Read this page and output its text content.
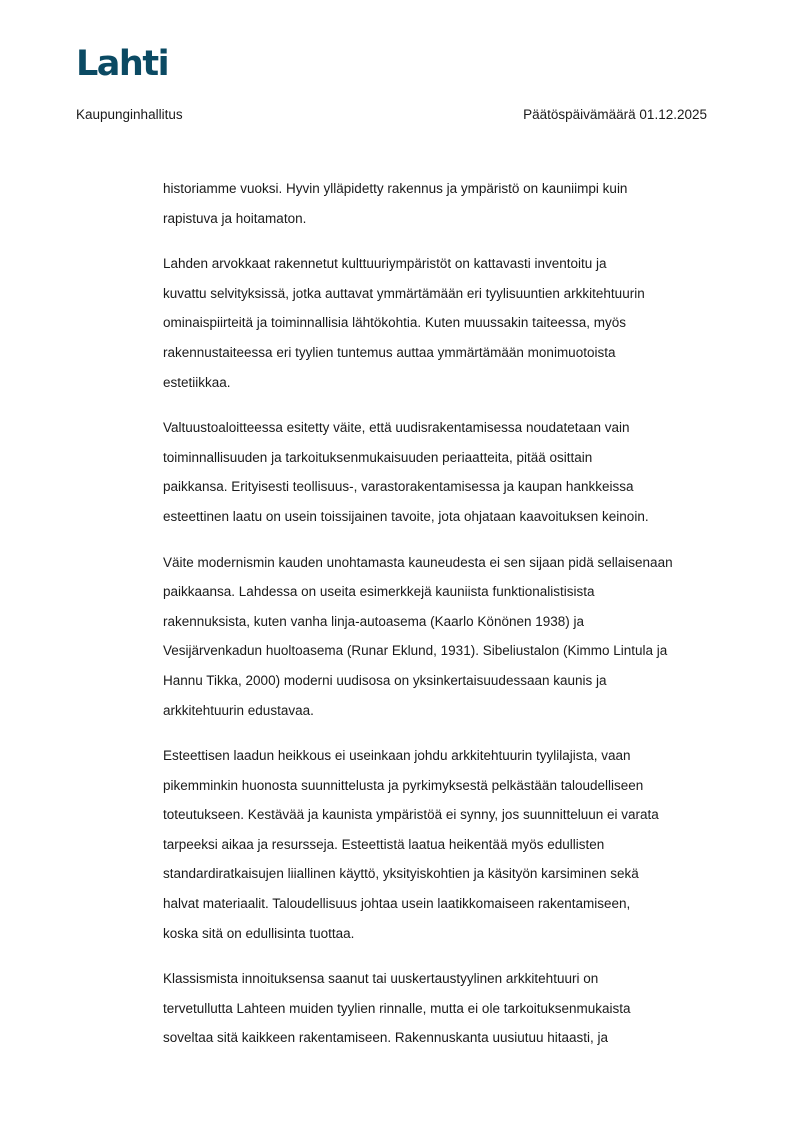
Lahti
Kaupunginhallitus	Päätöspäivämäärä 01.12.2025
historiamme vuoksi. Hyvin ylläpidetty rakennus ja ympäristö on kauniimpi kuin
rapistuva ja hoitamaton.
Lahden arvokkaat rakennetut kulttuuriympäristöt on kattavasti inventoitu ja
kuvattu selvityksissä, jotka auttavat ymmärtämään eri tyylisuuntien arkkitehtuurin
ominaispiirteitä ja toiminnallisia lähtökohtia. Kuten muussakin taiteessa, myös
rakennustaiteessa eri tyylien tuntemus auttaa ymmärtämään monimuotoista
estetiikkaa.
Valtuustoaloitteessa esitetty väite, että uudisrakentamisessa noudatetaan vain
toiminnallisuuden ja tarkoituksenmukaisuuden periaatteita, pitää osittain
paikkansa. Erityisesti teollisuus-, varastorakentamisessa ja kaupan hankkeissa
esteettinen laatu on usein toissijainen tavoite, jota ohjataan kaavoituksen keinoin.
Väite modernismin kauden unohtamasta kauneudesta ei sen sijaan pidä sellaisenaan
paikkaansa. Lahdessa on useita esimerkkejä kauniista funktionalistisista
rakennuksista, kuten vanha linja-autoasema (Kaarlo Könönen 1938) ja
Vesijärvenkadun huoltoasema (Runar Eklund, 1931). Sibeliustalon (Kimmo Lintula ja
Hannu Tikka, 2000) moderni uudisosa on yksinkertaisuudessaan kaunis ja
arkkitehtuurin edustavaa.
Esteettisen laadun heikkous ei useinkaan johdu arkkitehtuurin tyylilajista, vaan
pikemminkin huonosta suunnittelusta ja pyrkimyksestä pelkästään taloudelliseen
toteutukseen. Kestävää ja kaunista ympäristöä ei synny, jos suunnitteluun ei varata
tarpeeksi aikaa ja resursseja. Esteettistä laatua heikentää myös edullisten
standardiratkaisujen liiallinen käyttö, yksityiskohtien ja käsityön karsiminen sekä
halvat materiaalit. Taloudellisuus johtaa usein laatikkomaiseen rakentamiseen,
koska sitä on edullisinta tuottaa.
Klassismista innoituksensa saanut tai uuskertaustyylinen arkkitehtuuri on
tervetullutta Lahteen muiden tyylien rinnalle, mutta ei ole tarkoituksenmukaista
soveltaa sitä kaikkeen rakentamiseen. Rakennuskanta uusiutuu hitaasti, ja
